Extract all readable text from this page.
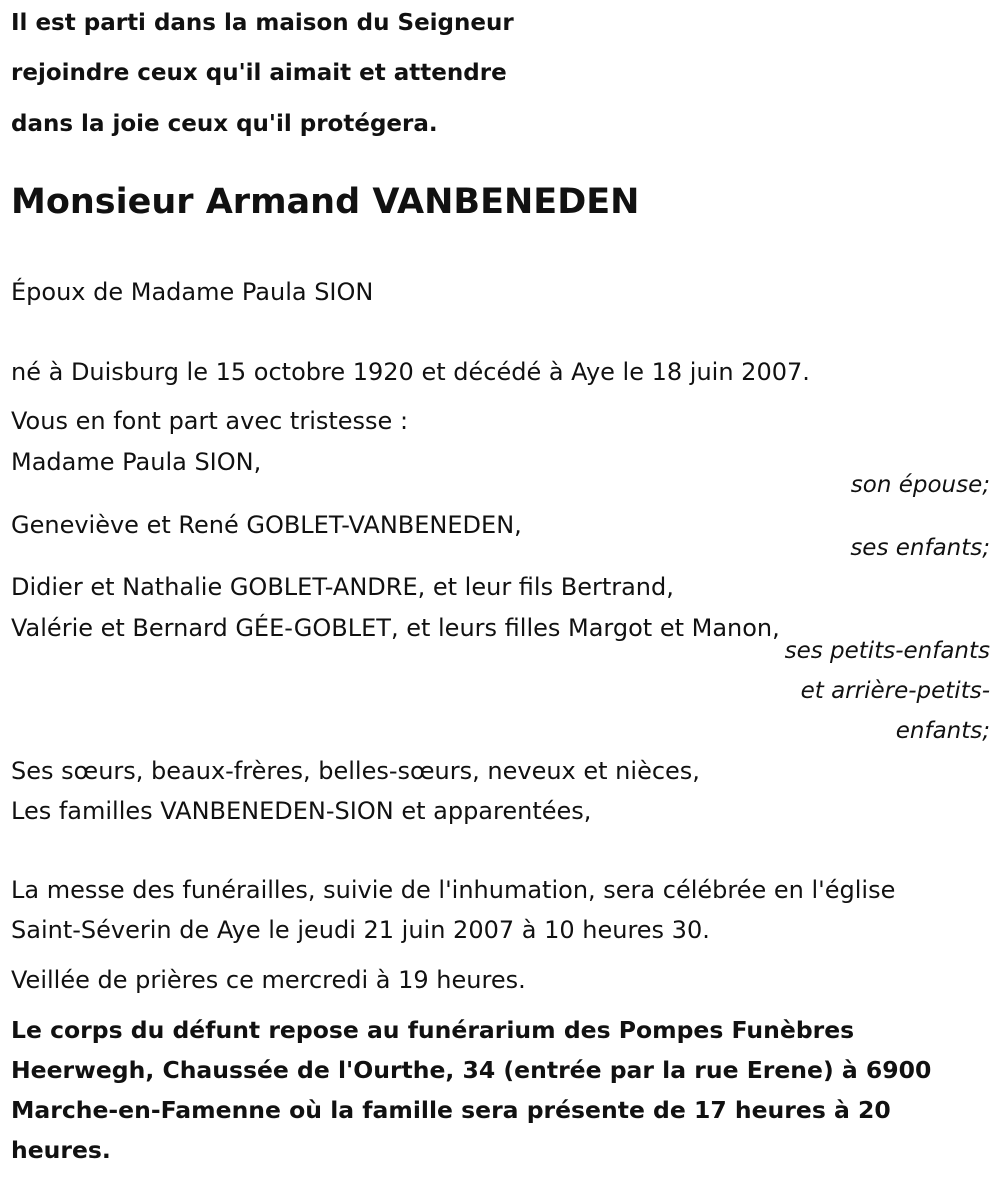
Il est parti dans la maison du Seigneur
rejoindre ceux qu'il aimait et attendre
dans la joie ceux qu'il protégera.
Monsieur Armand VANBENEDEN
Époux de Madame Paula SION
né à Duisburg le 15 octobre 1920 et décédé à Aye le 18 juin 2007.
Vous en font part avec tristesse :
Madame Paula SION,
son épouse;
Geneviève et René GOBLET-VANBENEDEN,
ses enfants;
Didier et Nathalie GOBLET-ANDRE, et leur fils Bertrand,
Valérie et Bernard GÉE-GOBLET, et leurs filles Margot et Manon,
ses petits-enfants
et arrière-petits-
enfants;
Ses sœurs, beaux-frères, belles-sœurs, neveux et nièces,
Les familles VANBENEDEN-SION et apparentées,
La messe des funérailles, suivie de l'inhumation, sera célébrée en l'église
Saint-Séverin de Aye le jeudi 21 juin 2007 à 10 heures 30.
Veillée de prières ce mercredi à 19 heures.
Le corps du défunt repose au funérarium des Pompes Funèbres
Heerwegh, Chaussée de l'Ourthe, 34 (entrée par la rue Erene) à 6900
Marche-en-Famenne où la famille sera présente de 17 heures à 20
heures.
